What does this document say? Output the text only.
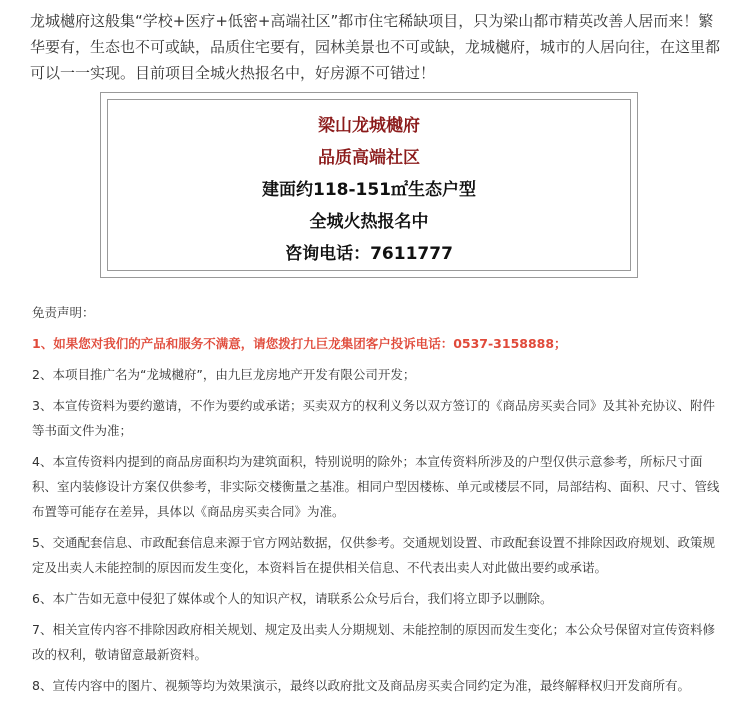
龙城樾府这般集“学校+医疗+低密+高端社区”都市住宅稀缺项目，只为梁山都市精英改善人居而来！繁华要有，生态也不可或缺，品质住宅要有，园林美景也不可或缺，龙城樾府，城市的人居向往，在这里都可以一一实现。目前项目全城火热报名中，好房源不可错过！
梁山龙城樾府
品质高端社区
建面约118-151㎡生态户型
全城火热报名中
咨询电话：7611777

免责声明：

1、如果您对我们的产品和服务不满意，请您拨打九巨龙集团客户投诉电话：0537-3158888；

2、本项目推广名为“龙城樾府”，由九巨龙房地产开发有限公司开发；

3、本宣传资料为要约邀请，不作为要约或承诺；买卖双方的权利义务以双方签订的《商品房买卖合同》及其补充协议、附件等书面文件为准；

4、本宣传资料内提到的商品房面积均为建筑面积，特别说明的除外；本宣传资料所涉及的户型仅供示意参考，所标尺寸面积、室内装修设计方案仅供参考，非实际交楼衡量之基准。相同户型因楼栋、单元或楼层不同，局部结构、面积、尺寸、管线布置等可能存在差异，具体以《商品房买卖合同》为准。

5、交通配套信息、市政配套信息来源于官方网站数据，仅供参考。交通规划设置、市政配套设置不排除因政府规划、政策规定及出卖人未能控制的原因而发生变化，本资料旨在提供相关信息、不代表出卖人对此做出要约或承诺。

6、本广告如无意中侵犯了媒体或个人的知识产权，请联系公众号后台，我们将立即予以删除。

7、相关宣传内容不排除因政府相关规划、规定及出卖人分期规划、未能控制的原因而发生变化；本公众号保留对宣传资料修改的权利，敬请留意最新资料。

8、宣传内容中的图片、视频等均为效果演示，最终以政府批文及商品房买卖合同约定为准，最终解释权归开发商所有。
